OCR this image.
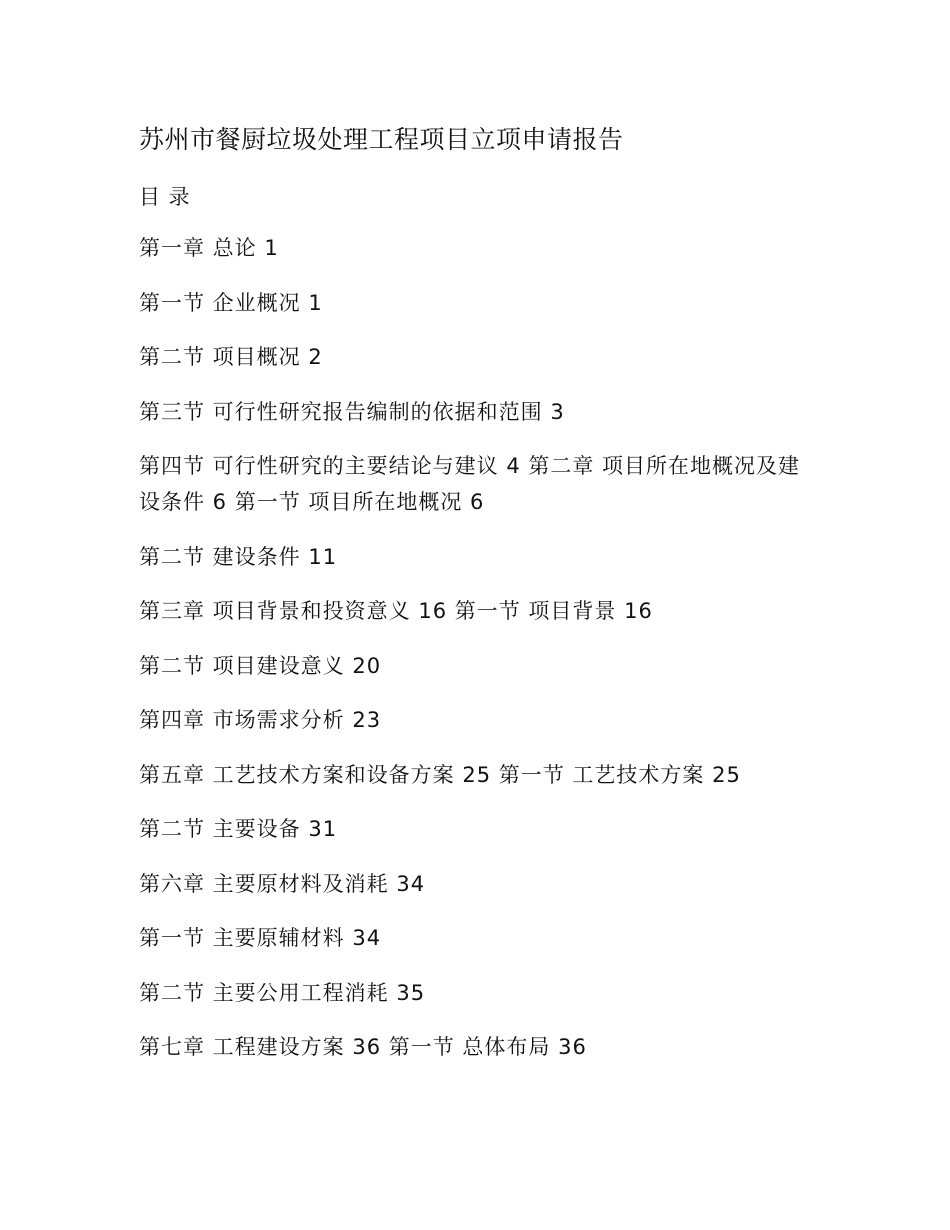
苏州市餐厨垃圾处理工程项目立项申请报告
目 录
第一章 总论 1
第一节 企业概况 1
第二节 项目概况 2
第三节 可行性研究报告编制的依据和范围 3
第四节 可行性研究的主要结论与建议 4 第二章 项目所在地概况及建设条件 6 第一节 项目所在地概况 6
第二节 建设条件 11
第三章 项目背景和投资意义 16 第一节 项目背景 16
第二节 项目建设意义 20
第四章 市场需求分析 23
第五章 工艺技术方案和设备方案 25 第一节 工艺技术方案 25
第二节 主要设备 31
第六章 主要原材料及消耗 34
第一节 主要原辅材料 34
第二节 主要公用工程消耗 35
第七章 工程建设方案 36 第一节 总体布局 36
